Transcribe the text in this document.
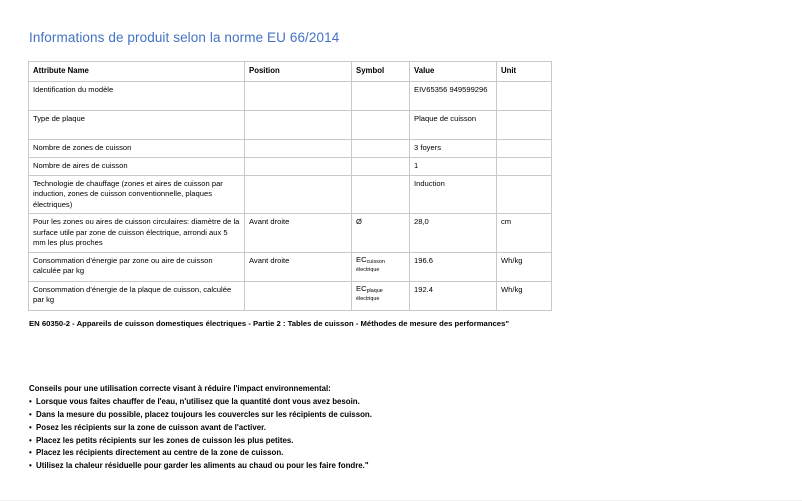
Informations de produit selon la norme EU 66/2014
Attribute Name	Position	Symbol	Value	Unit
Identification du modèle			EIV65356 949599296	
Type de plaque			Plaque de cuisson	
Nombre de zones de cuisson			3 foyers	
Nombre de aires de cuisson			1	
Technologie de chauffage (zones et aires de cuisson par induction, zones de cuisson conventionnelle, plaques électriques)			Induction	
Pour les zones ou aires de cuisson circulaires: diamètre de la surface utile par zone de cuisson électrique, arrondi aux 5 mm les plus proches	Avant droite	Ø	28,0	cm
Consommation d'énergie par zone ou aire de cuisson calculée par kg	Avant droite	$EC_{cuisson électrique}$	196.6	Wh/kg
Consommation d'énergie de la plaque de cuisson, calculée par kg		$EC_{plaque électrique}$	192.4	Wh/kg
EN 60350-2 - Appareils de cuisson domestiques électriques - Partie 2 : Tables de cuisson - Méthodes de mesure des performances"
Conseils pour une utilisation correcte visant à réduire l'impact environnemental:
• Lorsque vous faites chauffer de l'eau, n'utilisez que la quantité dont vous avez besoin.
• Dans la mesure du possible, placez toujours les couvercles sur les récipients de cuisson.
• Posez les récipients sur la zone de cuisson avant de l'activer.
• Placez les petits récipients sur les zones de cuisson les plus petites.
• Placez les récipients directement au centre de la zone de cuisson.
• Utilisez la chaleur résiduelle pour garder les aliments au chaud ou pour les faire fondre."
